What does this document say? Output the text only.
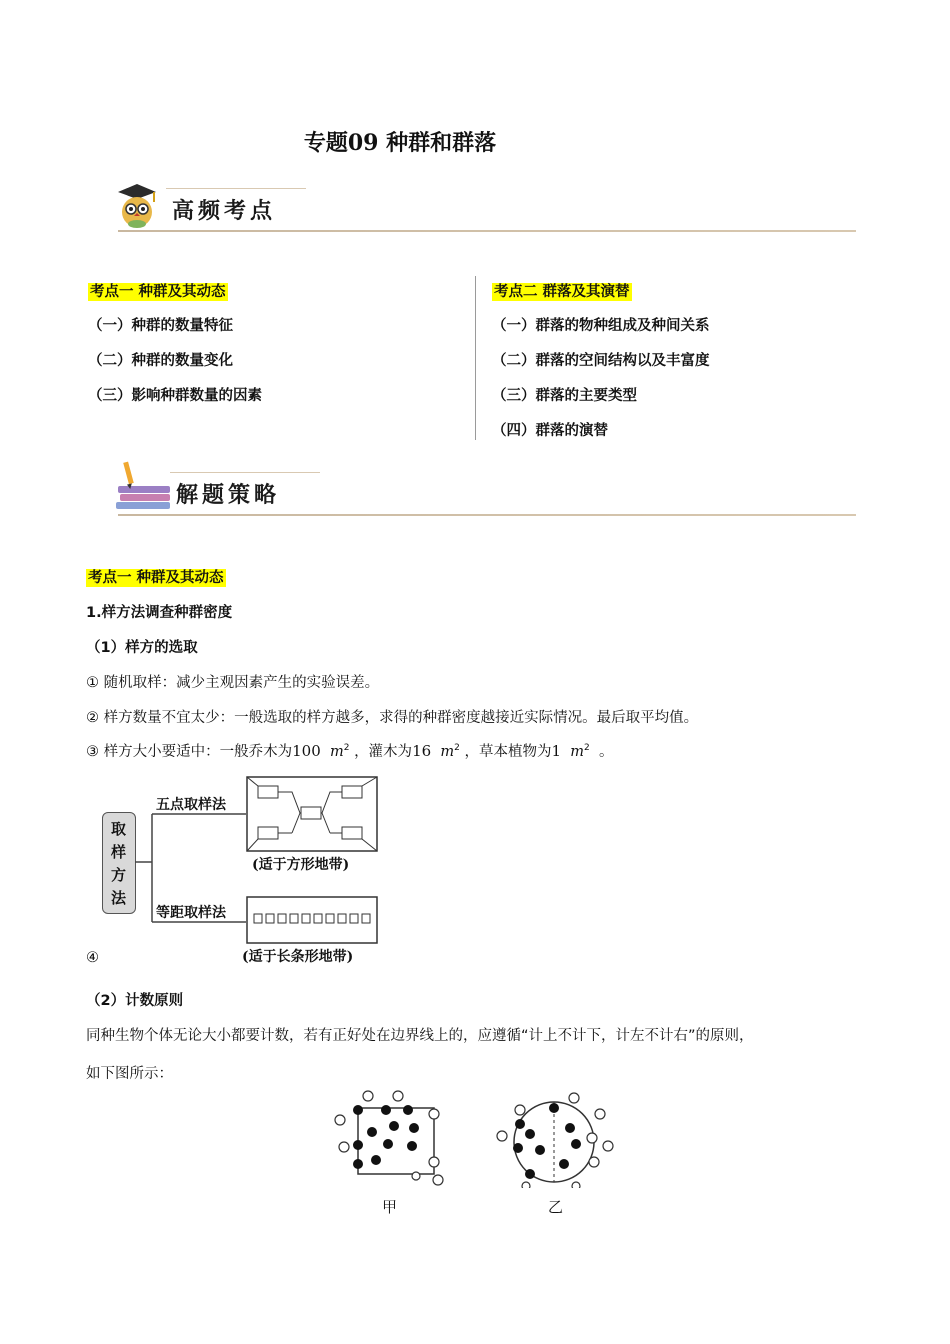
专题09 种群和群落
高频考点
考点一 种群及其动态
（一）种群的数量特征
（二）种群的数量变化
（三）影响种群数量的因素
考点二 群落及其演替
（一）群落的物种组成及种间关系
（二）群落的空间结构以及丰富度
（三）群落的主要类型
（四）群落的演替
解题策略
考点一 种群及其动态
1.样方法调查种群密度
（1）样方的选取
① 随机取样：减少主观因素产生的实验误差。
② 样方数量不宜太少：一般选取的样方越多，求得的种群密度越接近实际情况。最后取平均值。
③ 样方大小要适中：一般乔木为100 $m^2$ ，灌木为16 $m^2$ ，草本植物为1 $m^2$ 。
取
样
方
法
五点取样法
等距取样法
(适于方形地带)
(适于长条形地带)
④
（2）计数原则
同种生物个体无论大小都要计数，若有正好处在边界线上的，应遵循“计上不计下，计左不计右”的原则，
如下图所示：
甲	乙
